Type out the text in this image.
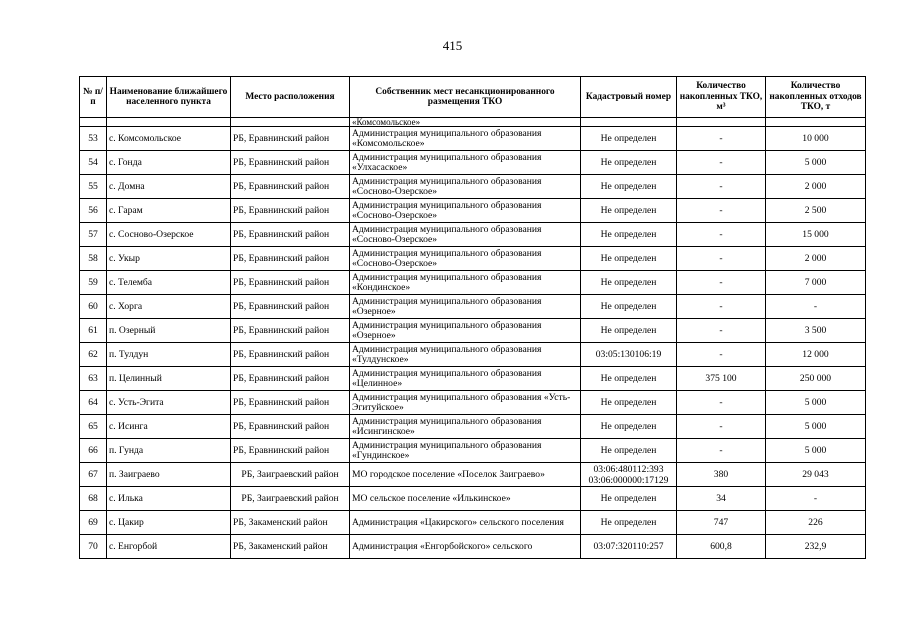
415
№ п/п	Наименование ближайшего населенного пункта	Место расположения	Собственник мест несанкционированного размещения ТКО	Кадастровый номер	Количество накопленных ТКО, м³	Количество накопленных отходов ТКО, т
			«Комсомольское»			
53	с. Комсомольское	РБ, Еравнинский район	Администрация муниципального образования «Комсомольское»	Не определен	-	10 000
54	с. Гонда	РБ, Еравнинский район	Администрация муниципального образования «Улхасаское»	Не определен	-	5 000
55	с. Домна	РБ, Еравнинский район	Администрация муниципального образования «Сосново-Озерское»	Не определен	-	2 000
56	с. Гарам	РБ, Еравнинский район	Администрация муниципального образования «Сосново-Озерское»	Не определен	-	2 500
57	с. Сосново-Озерское	РБ, Еравнинский район	Администрация муниципального образования «Сосново-Озерское»	Не определен	-	15 000
58	с. Укыр	РБ, Еравнинский район	Администрация муниципального образования «Сосново-Озерское»	Не определен	-	2 000
59	с. Телемба	РБ, Еравнинский район	Администрация муниципального образования «Кондинское»	Не определен	-	7 000
60	с. Хорга	РБ, Еравнинский район	Администрация муниципального образования «Озерное»	Не определен	-	-
61	п. Озерный	РБ, Еравнинский район	Администрация муниципального образования «Озерное»	Не определен	-	3 500
62	п. Тулдун	РБ, Еравнинский район	Администрация муниципального образования «Тулдунское»	03:05:130106:19	-	12 000
63	п. Целинный	РБ, Еравнинский район	Администрация муниципального образования «Целинное»	Не определен	375 100	250 000
64	с. Усть-Эгита	РБ, Еравнинский район	Администрация муниципального образования «Усть-Эгитуйское»	Не определен	-	5 000
65	с. Исинга	РБ, Еравнинский район	Администрация муниципального образования «Исингинское»	Не определен	-	5 000
66	п. Гунда	РБ, Еравнинский район	Администрация муниципального образования «Гундинское»	Не определен	-	5 000
67	п. Заиграево	РБ, Заиграевский район	МО городское поселение «Поселок Заиграево»	03:06:480112:393 03:06:000000:17129	380	29 043
68	с. Илька	РБ, Заиграевский район	МО сельское поселение «Илькинское»	Не определен	34	-
69	с. Цакир	РБ, Закаменский район	Администрация «Цакирского» сельского поселения	Не определен	747	226
70	с. Енгорбой	РБ, Закаменский район	Администрация «Енгорбойского» сельского	03:07:320110:257	600,8	232,9
